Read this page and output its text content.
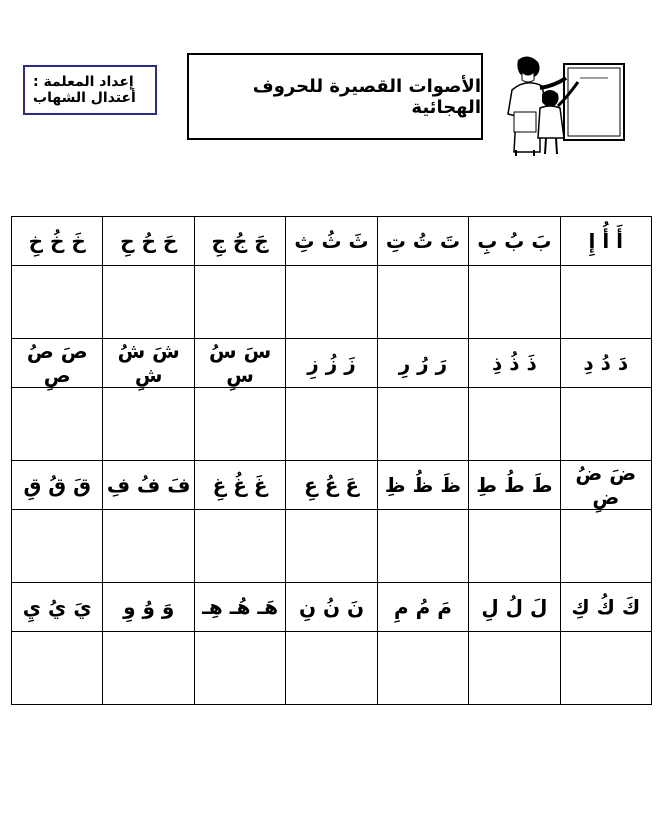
إعداد المعلمة :
أعتدال الشهاب
الأصوات القصيرة للحروف الهجائية
أَ أُ إِ	بَ بُ بِ	تَ تُ تِ	ثَ ثُ ثِ	جَ جُ جِ	حَ حُ حِ	خَ خُ خِ

دَ دُ دِ	ذَ ذُ ذِ	رَ رُ رِ	زَ زُ زِ	سَ سُ سِ	شَ شُ شِ	صَ صُ صِ

ضَ ضُ ضِ	طَ طُ طِ	ظَ ظُ ظِ	عَ عُ عِ	غَ غُ غِ	فَ فُ فِ	قَ قُ قِ

كَ كُ كِ	لَ لُ لِ	مَ مُ مِ	نَ نُ نِ	هَـ هُـ هِـ	وَ وُ وِ	يَ يُ يِ
